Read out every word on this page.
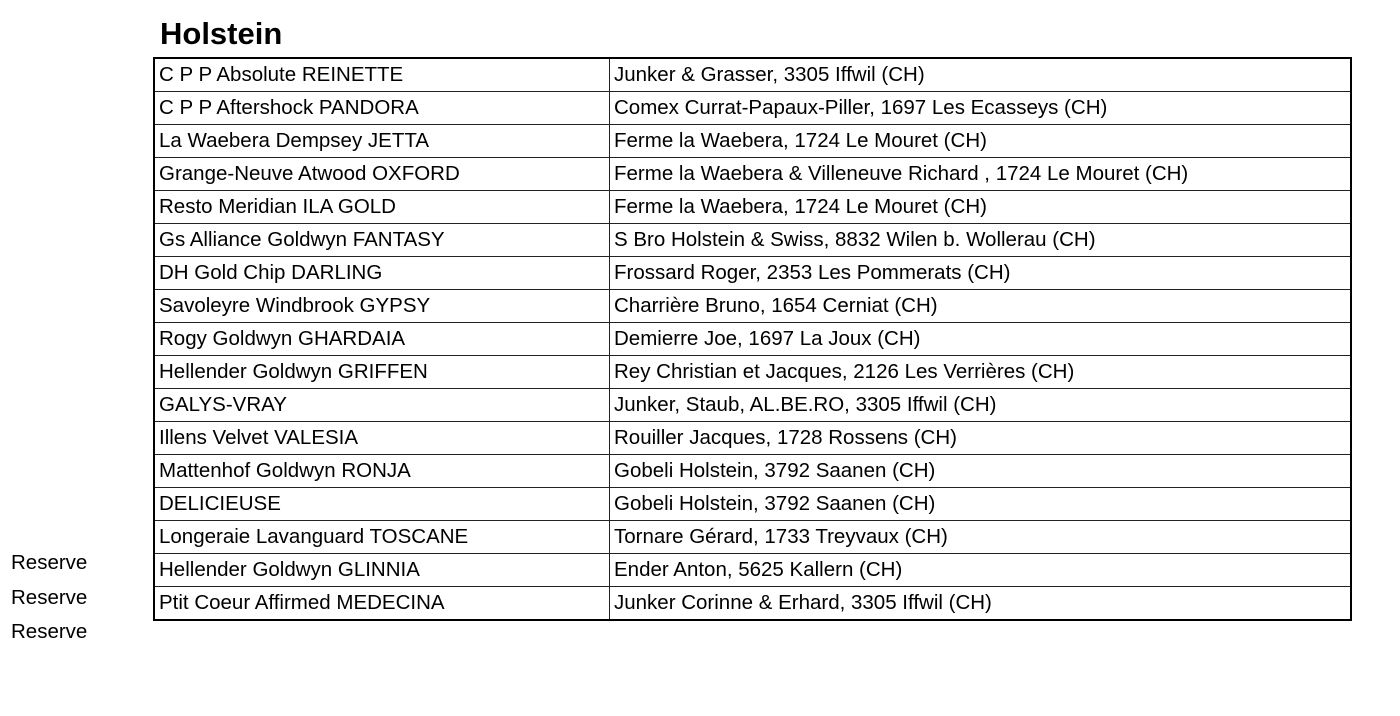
Holstein
C P P Absolute REINETTE	Junker & Grasser, 3305 Iffwil (CH)
C P P Aftershock PANDORA	Comex Currat-Papaux-Piller, 1697 Les Ecasseys (CH)
La Waebera Dempsey JETTA	Ferme la Waebera, 1724 Le Mouret (CH)
Grange-Neuve Atwood OXFORD	Ferme la Waebera & Villeneuve Richard , 1724 Le Mouret (CH)
Resto Meridian ILA GOLD	Ferme la Waebera, 1724 Le Mouret (CH)
Gs Alliance Goldwyn FANTASY	S Bro Holstein & Swiss, 8832 Wilen b. Wollerau (CH)
DH Gold Chip DARLING	Frossard Roger, 2353 Les Pommerats (CH)
Savoleyre Windbrook GYPSY	Charrière Bruno, 1654 Cerniat (CH)
Rogy Goldwyn GHARDAIA	Demierre Joe, 1697 La Joux (CH)
Hellender Goldwyn GRIFFEN	Rey Christian et Jacques, 2126 Les Verrières (CH)
GALYS-VRAY	Junker, Staub, AL.BE.RO, 3305 Iffwil (CH)
Illens Velvet VALESIA	Rouiller Jacques, 1728 Rossens (CH)
Mattenhof Goldwyn RONJA	Gobeli Holstein, 3792 Saanen (CH)
DELICIEUSE	Gobeli Holstein, 3792 Saanen (CH)
Longeraie Lavanguard TOSCANE	Tornare Gérard, 1733 Treyvaux (CH)
Hellender Goldwyn GLINNIA	Ender Anton, 5625 Kallern (CH)
Ptit Coeur Affirmed MEDECINA	Junker Corinne & Erhard, 3305 Iffwil (CH)
Reserve
Reserve
Reserve
